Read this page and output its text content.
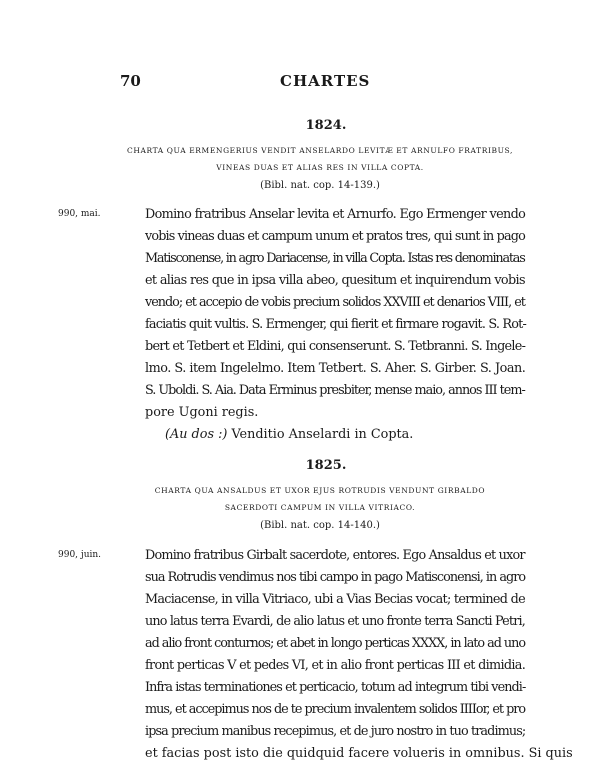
70	CHARTES
1824.
CHARTA QUA ERMENGERIUS VENDIT ANSELARDO LEVITÆ ET ARNULFO FRATRIBUS,
VINEAS DUAS ET ALIAS RES IN VILLA COPTA.
(Bibl. nat. cop. 14-139.)
990, mai.	Domino fratribus Anselar levita et Arnurfo. Ego Ermenger vendo
vobis vineas duas et campum unum et pratos tres, qui sunt in pago
Matisconense, in agro Dariacense, in villa Copta. Istas res denominatas
et alias res que in ipsa villa abeo, quesitum et inquirendum vobis
vendo; et accepio de vobis precium solidos XXVIII et denarios VIII, et
faciatis quit vultis. S. Ermenger, qui fierit et firmare rogavit. S. Rot-
bert et Tetbert et Eldini, qui consenserunt. S. Tetbranni. S. Ingele-
lmo. S. item Ingelelmo. Item Tetbert. S. Aher. S. Girber. S. Joan.
S. Uboldi. S. Aia. Data Erminus presbiter, mense maio, annos III tem-
pore Ugoni regis.
(Au dos :) Venditio Anselardi in Copta.
1825.
CHARTA QUA ANSALDUS ET UXOR EJUS ROTRUDIS VENDUNT GIRBALDO
SACERDOTI CAMPUM IN VILLA VITRIACO.
(Bibl. nat. cop. 14-140.)
990, juin.	Domino fratribus Girbalt sacerdote, entores. Ego Ansaldus et uxor
sua Rotrudis vendimus nos tibi campo in pago Matisconensi, in agro
Maciacense, in villa Vitriaco, ubi a Vias Becias vocat; termined de
uno latus terra Evardi, de alio latus et uno fronte terra Sancti Petri,
ad alio front conturnos; et abet in longo perticas XXXX, in lato ad uno
front perticas V et pedes VI, et in alio front perticas III et dimidia.
Infra istas terminationes et perticacio, totum ad integrum tibi vendi-
mus, et accepimus nos de te precium invalentem solidos IIIIor, et pro
ipsa precium manibus recepimus, et de juro nostro in tuo tradimus;
et facias post isto die quidquid facere volueris in omnibus. Si quis
